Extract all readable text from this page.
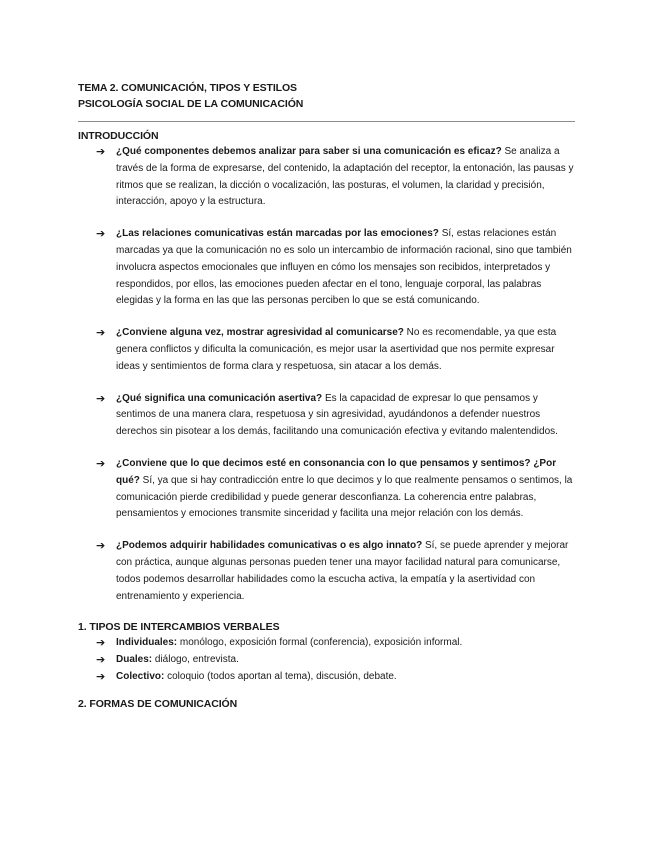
TEMA 2. COMUNICACIÓN, TIPOS Y ESTILOS
PSICOLOGÍA SOCIAL DE LA COMUNICACIÓN
INTRODUCCIÓN
➔ ¿Qué componentes debemos analizar para saber si una comunicación es eficaz? Se analiza a través de la forma de expresarse, del contenido, la adaptación del receptor, la entonación, las pausas y ritmos que se realizan, la dicción o vocalización, las posturas, el volumen, la claridad y precisión, interacción, apoyo y la estructura.
➔ ¿Las relaciones comunicativas están marcadas por las emociones? Sí, estas relaciones están marcadas ya que la comunicación no es solo un intercambio de información racional, sino que también involucra aspectos emocionales que influyen en cómo los mensajes son recibidos, interpretados y respondidos, por ellos, las emociones pueden afectar en el tono, lenguaje corporal, las palabras elegidas y la forma en las que las personas perciben lo que se está comunicando.
➔ ¿Conviene alguna vez, mostrar agresividad al comunicarse? No es recomendable, ya que esta genera conflictos y dificulta la comunicación, es mejor usar la asertividad que nos permite expresar ideas y sentimientos de forma clara y respetuosa, sin atacar a los demás.
➔ ¿Qué significa una comunicación asertiva? Es la capacidad de expresar lo que pensamos y sentimos de una manera clara, respetuosa y sin agresividad, ayudándonos a defender nuestros derechos sin pisotear a los demás, facilitando una comunicación efectiva y evitando malentendidos.
➔ ¿Conviene que lo que decimos esté en consonancia con lo que pensamos y sentimos? ¿Por qué? Sí, ya que si hay contradicción entre lo que decimos y lo que realmente pensamos o sentimos, la comunicación pierde credibilidad y puede generar desconfianza. La coherencia entre palabras, pensamientos y emociones transmite sinceridad y facilita una mejor relación con los demás.
➔ ¿Podemos adquirir habilidades comunicativas o es algo innato? Sí, se puede aprender y mejorar con práctica, aunque algunas personas pueden tener una mayor facilidad natural para comunicarse, todos podemos desarrollar habilidades como la escucha activa, la empatía y la asertividad con entrenamiento y experiencia.
1. TIPOS DE INTERCAMBIOS VERBALES
➔ Individuales: monólogo, exposición formal (conferencia), exposición informal.
➔ Duales: diálogo, entrevista.
➔ Colectivo: coloquio (todos aportan al tema), discusión, debate.
2. FORMAS DE COMUNICACIÓN
